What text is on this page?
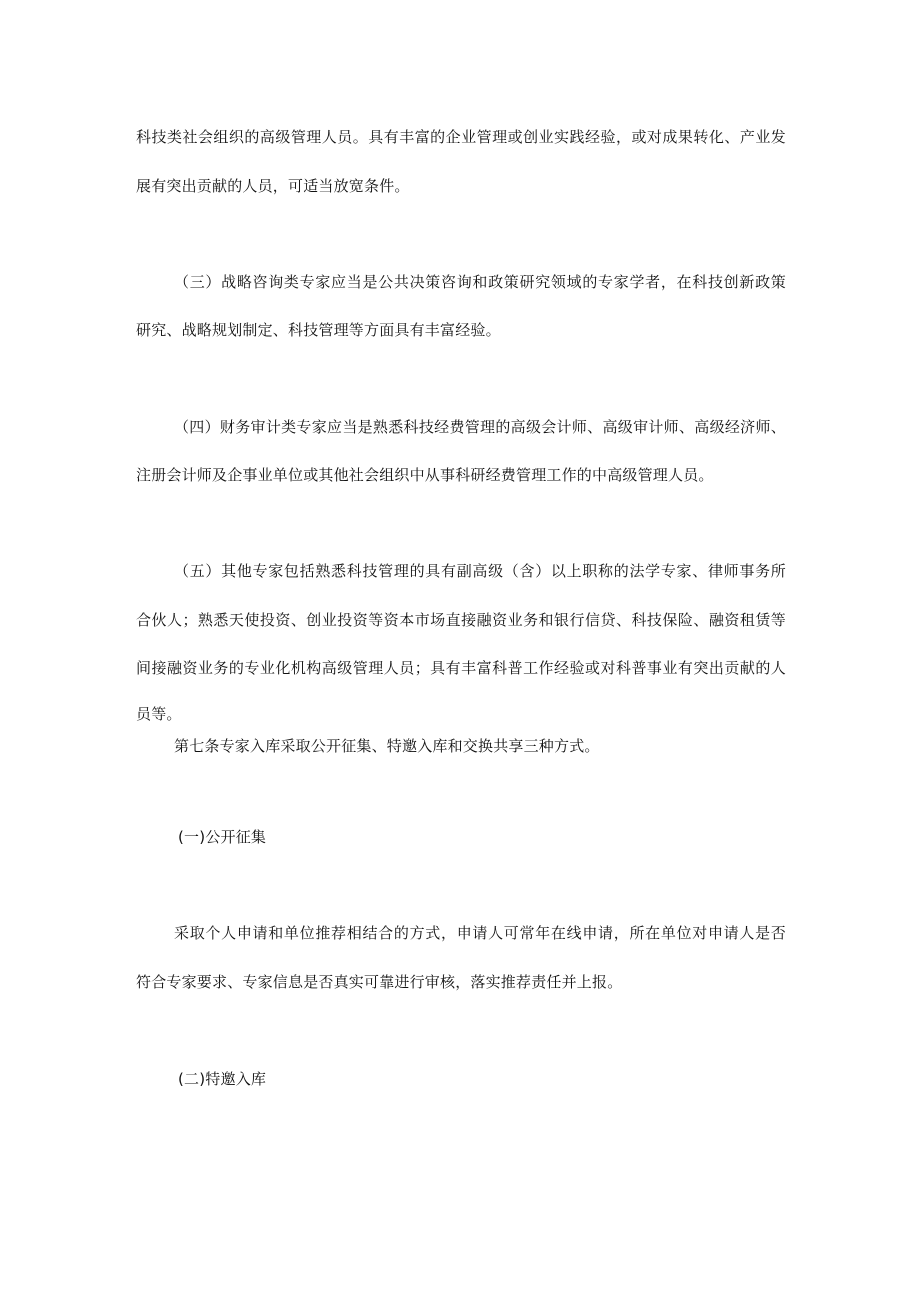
科技类社会组织的高级管理人员。具有丰富的企业管理或创业实践经验，或对成果转化、产业发
展有突出贡献的人员，可适当放宽条件。
（三）战略咨询类专家应当是公共决策咨询和政策研究领域的专家学者，在科技创新政策
研究、战略规划制定、科技管理等方面具有丰富经验。
（四）财务审计类专家应当是熟悉科技经费管理的高级会计师、高级审计师、高级经济师、
注册会计师及企事业单位或其他社会组织中从事科研经费管理工作的中高级管理人员。
（五）其他专家包括熟悉科技管理的具有副高级（含）以上职称的法学专家、律师事务所
合伙人；熟悉天使投资、创业投资等资本市场直接融资业务和银行信贷、科技保险、融资租赁等
间接融资业务的专业化机构高级管理人员；具有丰富科普工作经验或对科普事业有突出贡献的人
员等。
第七条专家入库采取公开征集、特邀入库和交换共享三种方式。
(一)公开征集
采取个人申请和单位推荐相结合的方式，申请人可常年在线申请，所在单位对申请人是否
符合专家要求、专家信息是否真实可靠进行审核，落实推荐责任并上报。
(二)特邀入库
